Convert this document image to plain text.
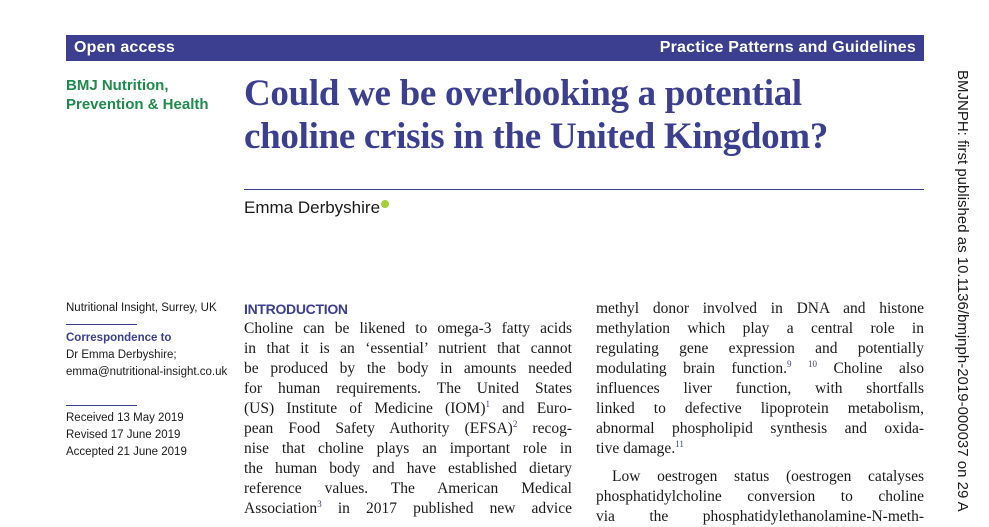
Open access	Practice Patterns and Guidelines
BMJ Nutrition,
Prevention & Health Could we be overlooking a potential
choline crisis in the United Kingdom?
Emma Derbyshire
Nutritional Insight, Surrey, UK
Correspondence to
Dr Emma Derbyshire;
emma@nutritional-insight.co.uk
Received 13 May 2019
Revised 17 June 2019
Accepted 21 June 2019
INTRODUCTION
Choline can be likened to omega-3 fatty acids
in that it is an ‘essential’ nutrient that cannot
be produced by the body in amounts needed
for human requirements. The United States
(US) Institute of Medicine (IOM)$^1$ and Euro-
pean Food Safety Authority (EFSA)$^2$ recog-
nise that choline plays an important role in
the human body and have established dietary
reference values. The American Medical
Association$^3$ in 2017 published new advice
methyl donor involved in DNA and histone
methylation which play a central role in
regulating gene expression and potentially
modulating brain function.$^9$ $^{10}$ Choline also
influences liver function, with shortfalls
linked to defective lipoprotein metabolism,
abnormal phospholipid synthesis and oxida-
tive damage.$^{11}$
Low oestrogen status (oestrogen catalyses
phosphatidylcholine conversion to choline
via the phosphatidylethanolamine-N-meth-
BMJNPH: first published as 10.1136/bmjnph-2019-000037 on 29 A
